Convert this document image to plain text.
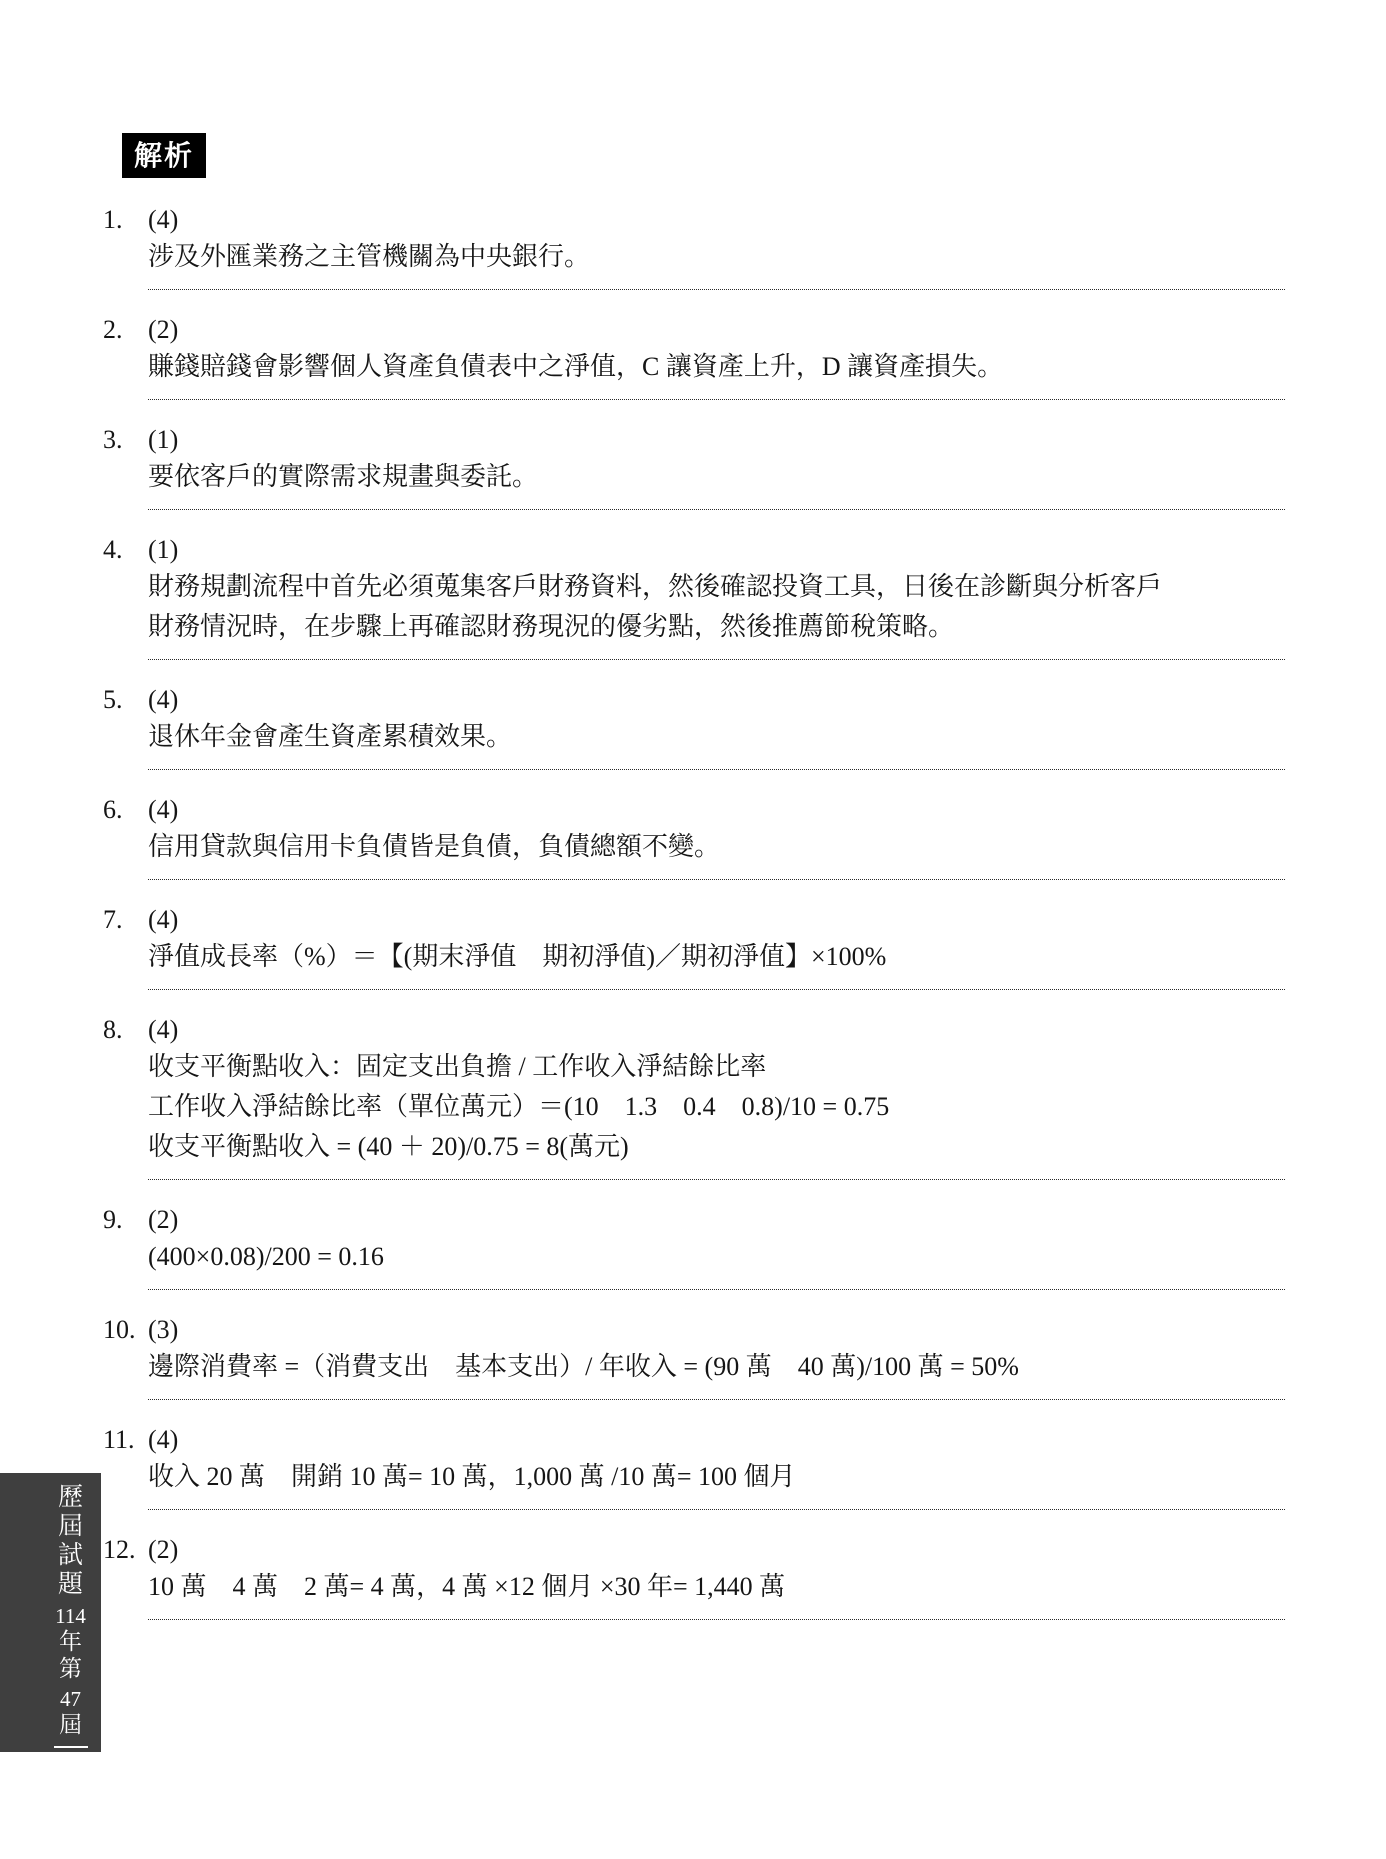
解析
1. (4)
涉及外匯業務之主管機關為中央銀行。
2. (2)
賺錢賠錢會影響個人資產負債表中之淨值，C 讓資產上升，D 讓資產損失。
3. (1)
要依客戶的實際需求規畫與委託。
4. (1)
財務規劃流程中首先必須蒐集客戶財務資料，然後確認投資工具，日後在診斷與分析客戶
財務情況時，在步驟上再確認財務現況的優劣點，然後推薦節稅策略。
5. (4)
退休年金會產生資產累積效果。
6. (4)
信用貸款與信用卡負債皆是負債，負債總額不變。
7. (4)
淨值成長率（%）＝【(期末淨值　期初淨值)／期初淨值】×100%
8. (4)
收支平衡點收入：固定支出負擔 / 工作收入淨結餘比率
工作收入淨結餘比率（單位萬元）＝(10　1.3　0.4　0.8)/10 = 0.75
收支平衡點收入 = (40 ＋ 20)/0.75 = 8(萬元)
9. (2)
(400×0.08)/200 = 0.16
10. (3)
邊際消費率 =（消費支出　基本支出）/ 年收入 = (90 萬　40 萬)/100 萬 = 50%
11. (4)
收入 20 萬　開銷 10 萬= 10 萬，1,000 萬 /10 萬= 100 個月
12. (2)
10 萬　4 萬　2 萬= 4 萬，4 萬 ×12 個月 ×30 年= 1,440 萬
歷
屆
試
題
114
年
第
47
屆
18
